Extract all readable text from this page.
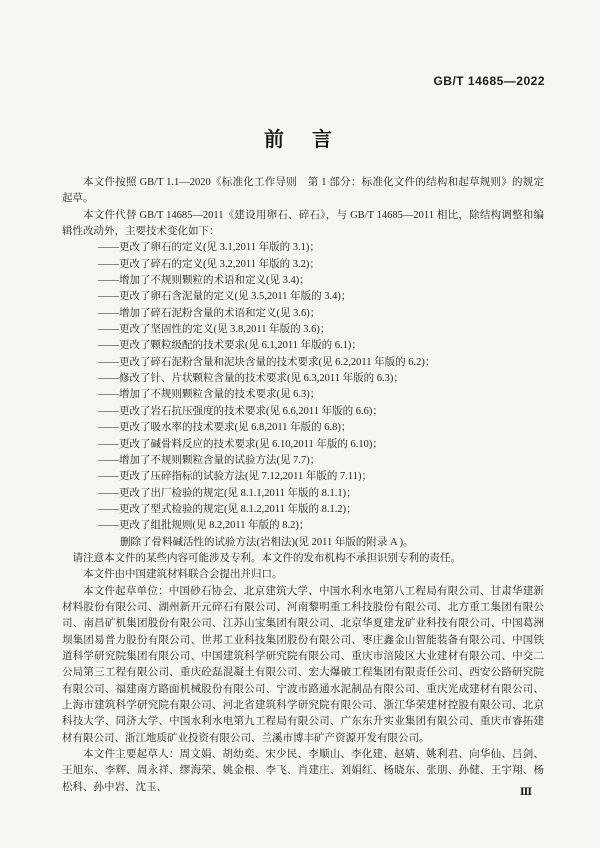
GB/T 14685—2022
前　言

本文件按照 GB/T 1.1—2020《标准化工作导则　第 1 部分：标准化文件的结构和起草规则》的规定起草。

本文件代替 GB/T 14685—2011《建设用卵石、碎石》，与 GB/T 14685—2011 相比，除结构调整和编辑性改动外，主要技术变化如下：

——更改了卵石的定义(见 3.1,2011 年版的 3.1)；

——更改了碎石的定义(见 3.2,2011 年版的 3.2)；

——增加了不规则颗粒的术语和定义(见 3.4)；

——更改了卵石含泥量的定义(见 3.5,2011 年版的 3.4)；

——增加了碎石泥粉含量的术语和定义(见 3.6)；

——更改了坚固性的定义(见 3.8,2011 年版的 3.6)；

——更改了颗粒级配的技术要求(见 6.1,2011 年版的 6.1)；

——更改了碎石泥粉含量和泥块含量的技术要求(见 6.2,2011 年版的 6.2)；

——修改了针、片状颗粒含量的技术要求(见 6.3,2011 年版的 6.3)；

——增加了不规则颗粒含量的技术要求(见 6.3)；

——更改了岩石抗压强度的技术要求(见 6.6,2011 年版的 6.6)；

——更改了吸水率的技术要求(见 6.8,2011 年版的 6.8)；

——更改了碱骨料反应的技术要求(见 6.10,2011 年版的 6.10)；

——增加了不规则颗粒含量的试验方法(见 7.7)；

——更改了压碎指标的试验方法(见 7.12,2011 年版的 7.11)；

——更改了出厂检验的规定(见 8.1.1,2011 年版的 8.1.1)；

——更改了型式检验的规定(见 8.1.2,2011 年版的 8.1.2)；

——更改了组批规则(见 8.2,2011 年版的 8.2)；

删除了骨料碱活性的试验方法(岩相法)(见 2011 年版的附录 A )。

请注意本文件的某些内容可能涉及专利。本文件的发布机构不承担识别专利的责任。

本文件由中国建筑材料联合会提出并归口。

本文件起草单位：中国砂石协会、北京建筑大学、中国水利水电第八工程局有限公司、甘肃华建新材料股份有限公司、湖州新开元碎石有限公司、河南黎明重工科技股份有限公司、北方重工集团有限公司、南昌矿机集团股份有限公司、江苏山宝集团有限公司、北京华夏建龙矿业科技有限公司、中国葛洲坝集团易普力股份有限公司、世邦工业科技集团股份有限公司、枣庄鑫金山智能装备有限公司、中国铁道科学研究院集团有限公司、中国建筑科学研究院有限公司、重庆市涪陵区大业建材有限公司、中交二公局第三工程有限公司、重庆砼磊混凝土有限公司、宏大爆破工程集团有限责任公司、西安公路研究院有限公司、福建南方路面机械股份有限公司、宁波市路通水泥制品有限公司、重庆光成建材有限公司、上海市建筑科学研究院有限公司、河北省建筑科学研究院有限公司、浙江华荣建材控股有限公司、北京科技大学、同济大学、中国水利水电第九工程局有限公司、广东东升实业集团有限公司、重庆市睿拓建材有限公司、浙江地质矿业投资有限公司、兰溪市博丰矿产资源开发有限公司。

本文件主要起草人：周文娟、胡幼奕、宋少民、李顺山、李化建、赵婧、姚利君、向华仙、吕剑、王旭东、李辉、周永祥、缪海荣、姚金根、李飞、肖建庄、刘娟红、杨晓东、张朋、孙健、王宇翔、杨松科、孙中岩、沈玉、	Ⅲ
